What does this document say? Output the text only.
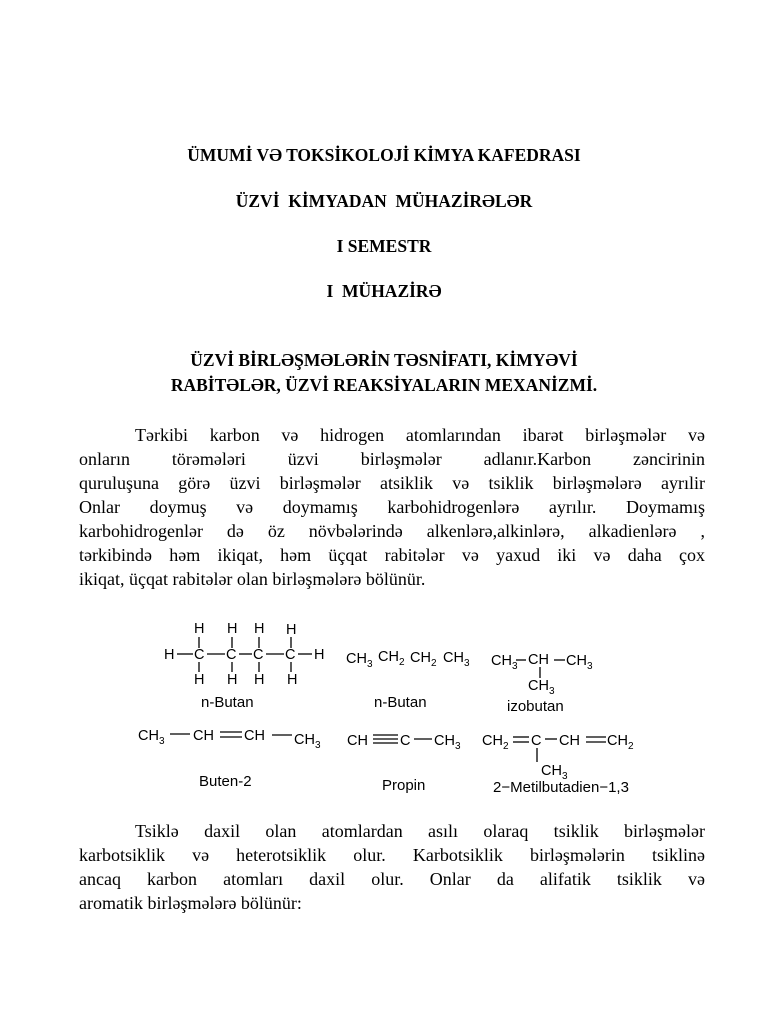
ÜMUMİ VƏ TOKSİKOLOJİ KİMYA KAFEDRASI
ÜZVİ  KİMYADAN  MÜHAZİRƏLƏR
I SEMESTR
I  MÜHAZİRƏ
ÜZVİ BİRLƏŞMƏLƏRİN TƏSNİFATI, KİMYƏVİ
RABİTƏLƏR, ÜZVİ REAKSİYALARIN MEXANİZMİ.
Tərkibi karbon və hidrogen atomlarından ibarət birləşmələr və
onların törəmələri üzvi birləşmələr adlanır.Karbon zəncirinin
quruluşuna görə üzvi birləşmələr atsiklik və tsiklik birləşmələrə ayrılir
Onlar doymuş və doymamış karbohidrogenlərə ayrılır. Doymamış
karbohidrogenlər də öz növbələrində alkenlərə,alkinlərə, alkadienlərə ,
tərkibində həm ikiqat, həm üçqat rabitələr və yaxud iki və daha çox
ikiqat, üçqat rabitələr olan birləşmələrə bölünür.
H H H H
H C C C C H
H H H H
n-Butan
$CH_3$ $CH_2$ $CH_2$ $CH_3$
n-Butan
$CH_3$ CH $CH_3$
$CH_3$
izobutan
$CH_3$ CH CH $CH_3$
Buten-2
CH C $CH_3$
Propin
$CH_2$ C CH $CH_2$
$CH_3$
2−Metilbutadien−1,3
Tsiklə daxil olan atomlardan asılı olaraq tsiklik birləşmələr
karbotsiklik və heterotsiklik olur. Karbotsiklik birləşmələrin tsiklinə
ancaq karbon atomları daxil olur. Onlar da alifatik tsiklik və
aromatik birləşmələrə bölünür:
